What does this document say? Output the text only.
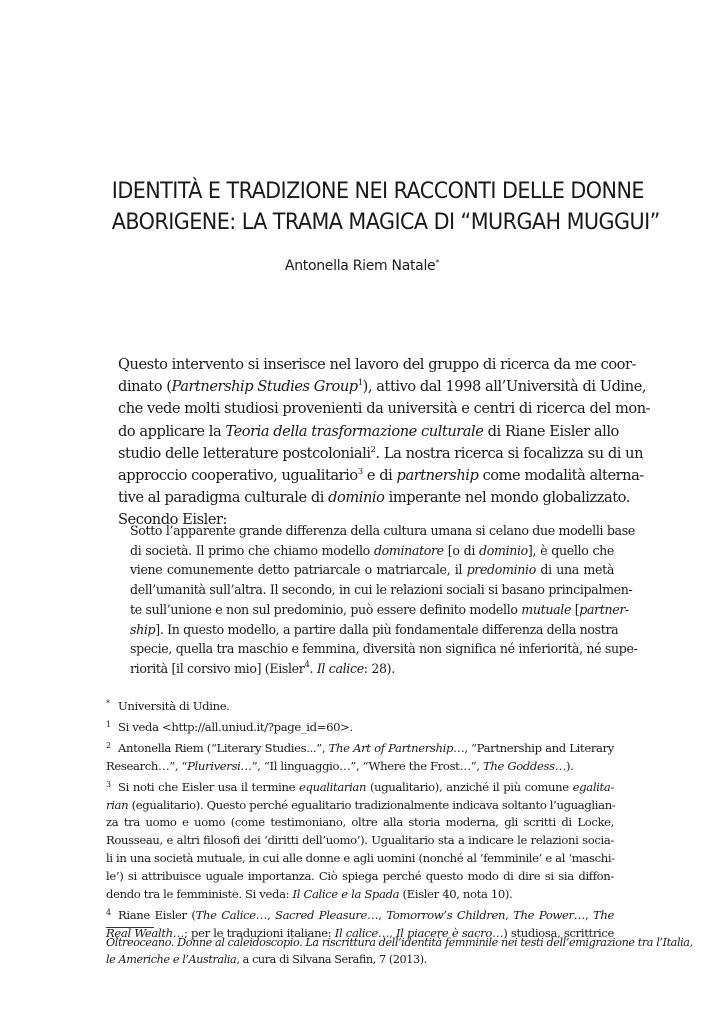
IDENTITÀ E TRADIZIONE NEI RACCONTI DELLE DONNE
ABORIGENE: LA TRAMA MAGICA DI “MURGAH MUGGUI”
Antonella Riem Natale*
Questo intervento si inserisce nel lavoro del gruppo di ricerca da me coor-
dinato (Partnership Studies Group$^1$), attivo dal 1998 all’Università di Udine,
che vede molti studiosi provenienti da università e centri di ricerca del mon-
do applicare la Teoria della trasformazione culturale di Riane Eisler allo
studio delle letterature postcoloniali$^2$. La nostra ricerca si focalizza su di un
approccio cooperativo, ugualitario$^3$ e di partnership come modalità alterna-
tive al paradigma culturale di dominio imperante nel mondo globalizzato.
Secondo Eisler:
Sotto l’apparente grande differenza della cultura umana si celano due modelli base
di società. Il primo che chiamo modello dominatore [o di dominio], è quello che
viene comunemente detto patriarcale o matriarcale, il predominio di una metà
dell’umanità sull’altra. Il secondo, in cui le relazioni sociali si basano principalmen-
te sull’unione e non sul predominio, può essere definito modello mutuale [partner-
ship]. In questo modello, a partire dalla più fondamentale differenza della nostra
specie, quella tra maschio e femmina, diversità non significa né inferiorità, né supe-
riorità [il corsivo mio] (Eisler$^4$. Il calice: 28).
* Università di Udine.
1 Si veda <http://all.uniud.it/?page_id=60>.
2 Antonella Riem (“Literary Studies...”, The Art of Partnership…, “Partnership and Literary
Research…”, “Pluriversi…”, “Il linguaggio…”, “Where the Frost…”, The Goddess…).
3 Si noti che Eisler usa il termine equalitarian (ugualitario), anziché il più comune egalita-
rian (egualitario). Questo perché egualitario tradizionalmente indicava soltanto l’uguaglian-
za tra uomo e uomo (come testimoniano, oltre alla storia moderna, gli scritti di Locke,
Rousseau, e altri filosofi dei ‘diritti dell’uomo’). Ugualitario sta a indicare le relazioni socia-
li in una società mutuale, in cui alle donne e agli uomini (nonché al ‘femminile’ e al ‘maschi-
le’) si attribuisce uguale importanza. Ciò spiega perché questo modo di dire si sia diffon-
dendo tra le femministe. Si veda: Il Calice e la Spada (Eisler 40, nota 10).
4 Riane Eisler (The Calice…, Sacred Pleasure…, Tomorrow’s Children, The Power…, The
Real Wealth…; per le traduzioni italiane: Il calice…, Il piacere è sacro…) studiosa, scrittrice
Oltreoceano. Donne al caleidoscopio. La riscrittura dell’identità femminile nei testi dell’emigrazione tra l’Italia,
le Americhe e l’Australia, a cura di Silvana Serafin, 7 (2013).
